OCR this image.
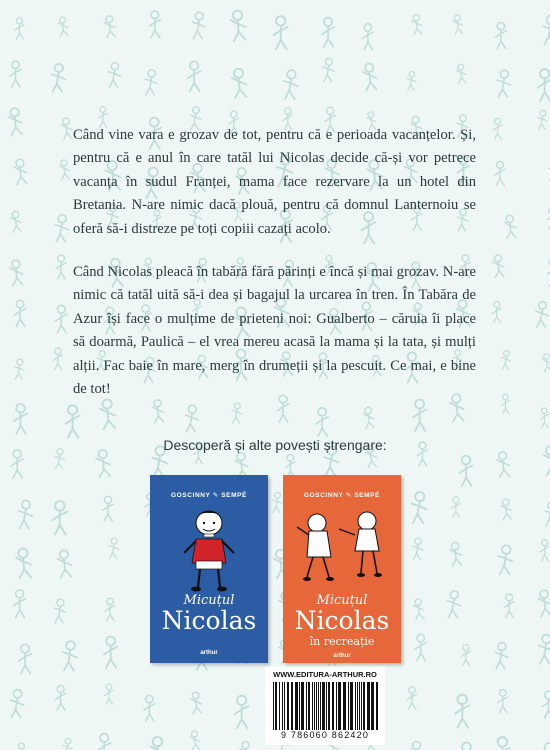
Când vine vara e grozav de tot, pentru că e perioada vacanțelor. Și, pentru că e anul în care tatăl lui Nicolas decide că-și vor petrece vacanța în sudul Franței, mama face rezervare la un hotel din Bretania. N-are nimic dacă plouă, pentru că domnul Lanternoiu se oferă să-i distreze pe toți copiii cazați acolo.

Când Nicolas pleacă în tabără fără părinți e încă și mai grozav. N-are nimic că tatăl uită să-i dea și bagajul la urcarea în tren. În Tabăra de Azur își face o mulțime de prieteni noi: Gualberto – căruia îi place să doarmă, Paulică – el vrea mereu acasă la mama și la tata, și mulți alții. Fac baie în mare, merg în drumeții și la pescuit. Ce mai, e bine de tot!

Descoperă și alte povești ștrengare:

GOSCINNY ✎ SEMPÉ
Micuțul
Nicolas
arthur
GOSCINNY ✎ SEMPÉ
Micuțul
Nicolas
în recreație
arthur
WWW.EDITURA-ARTHUR.RO
9 786060 862420
